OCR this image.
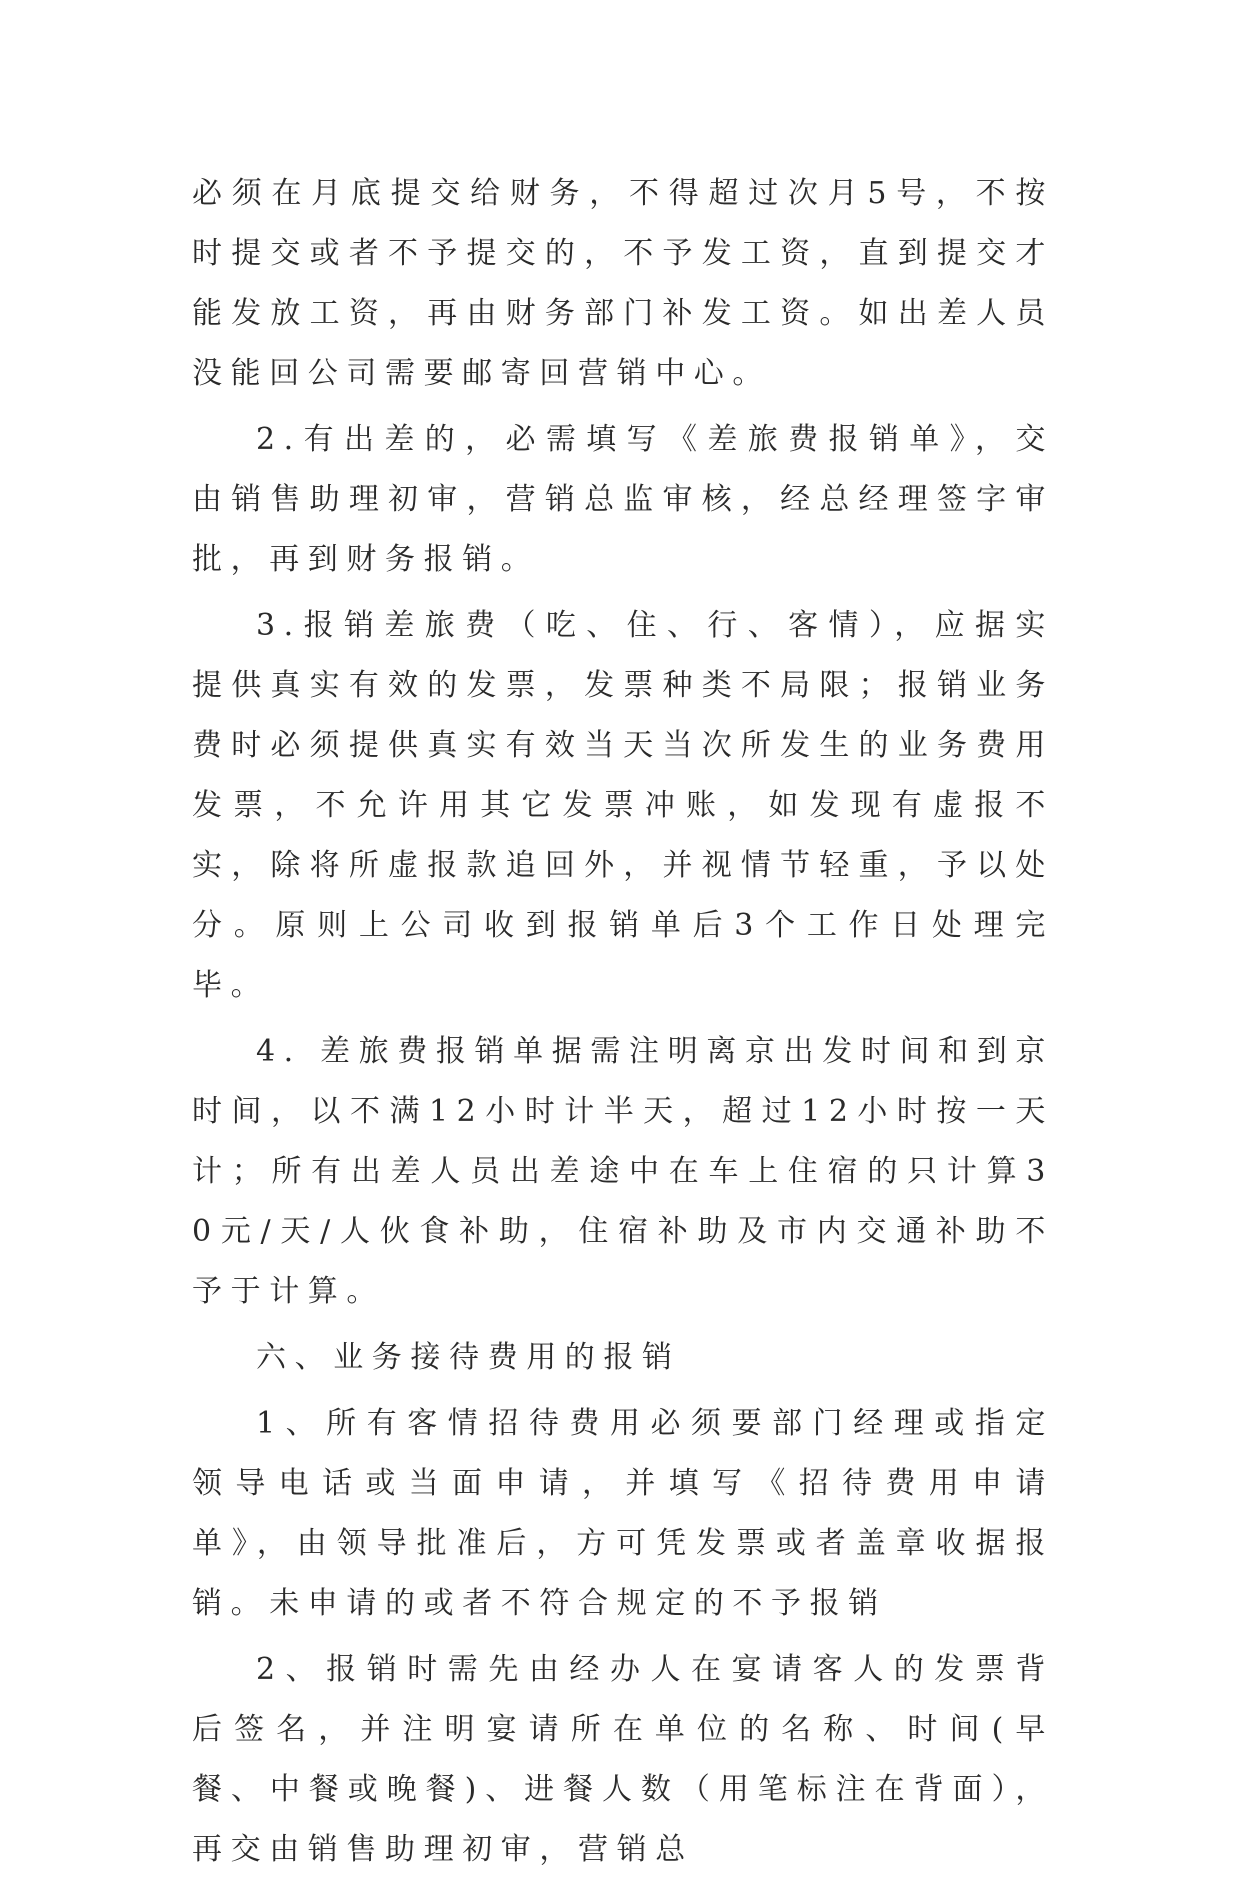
必须在月底提交给财务，不得超过次月5号，不按时提交或者不予提交的，不予发工资，直到提交才能发放工资，再由财务部门补发工资。如出差人员没能回公司需要邮寄回营销中心。

2.有出差的，必需填写《差旅费报销单》，交由销售助理初审，营销总监审核，经总经理签字审批，再到财务报销。

3.报销差旅费（吃、住、行、客情），应据实提供真实有效的发票，发票种类不局限；报销业务费时必须提供真实有效当天当次所发生的业务费用发票，不允许用其它发票冲账，如发现有虚报不实，除将所虚报款追回外，并视情节轻重，予以处分。原则上公司收到报销单后3个工作日处理完毕。

4. 差旅费报销单据需注明离京出发时间和到京时间，以不满12小时计半天，超过12小时按一天计；所有出差人员出差途中在车上住宿的只计算30元/天/人伙食补助，住宿补助及市内交通补助不予于计算。

六、业务接待费用的报销

1、所有客情招待费用必须要部门经理或指定领导电话或当面申请，并填写《招待费用申请单》，由领导批准后，方可凭发票或者盖章收据报销。未申请的或者不符合规定的不予报销

2、报销时需先由经办人在宴请客人的发票背后签名，并注明宴请所在单位的名称、时间(早餐、中餐或晚餐)、进餐人数（用笔标注在背面），再交由销售助理初审，营销总
